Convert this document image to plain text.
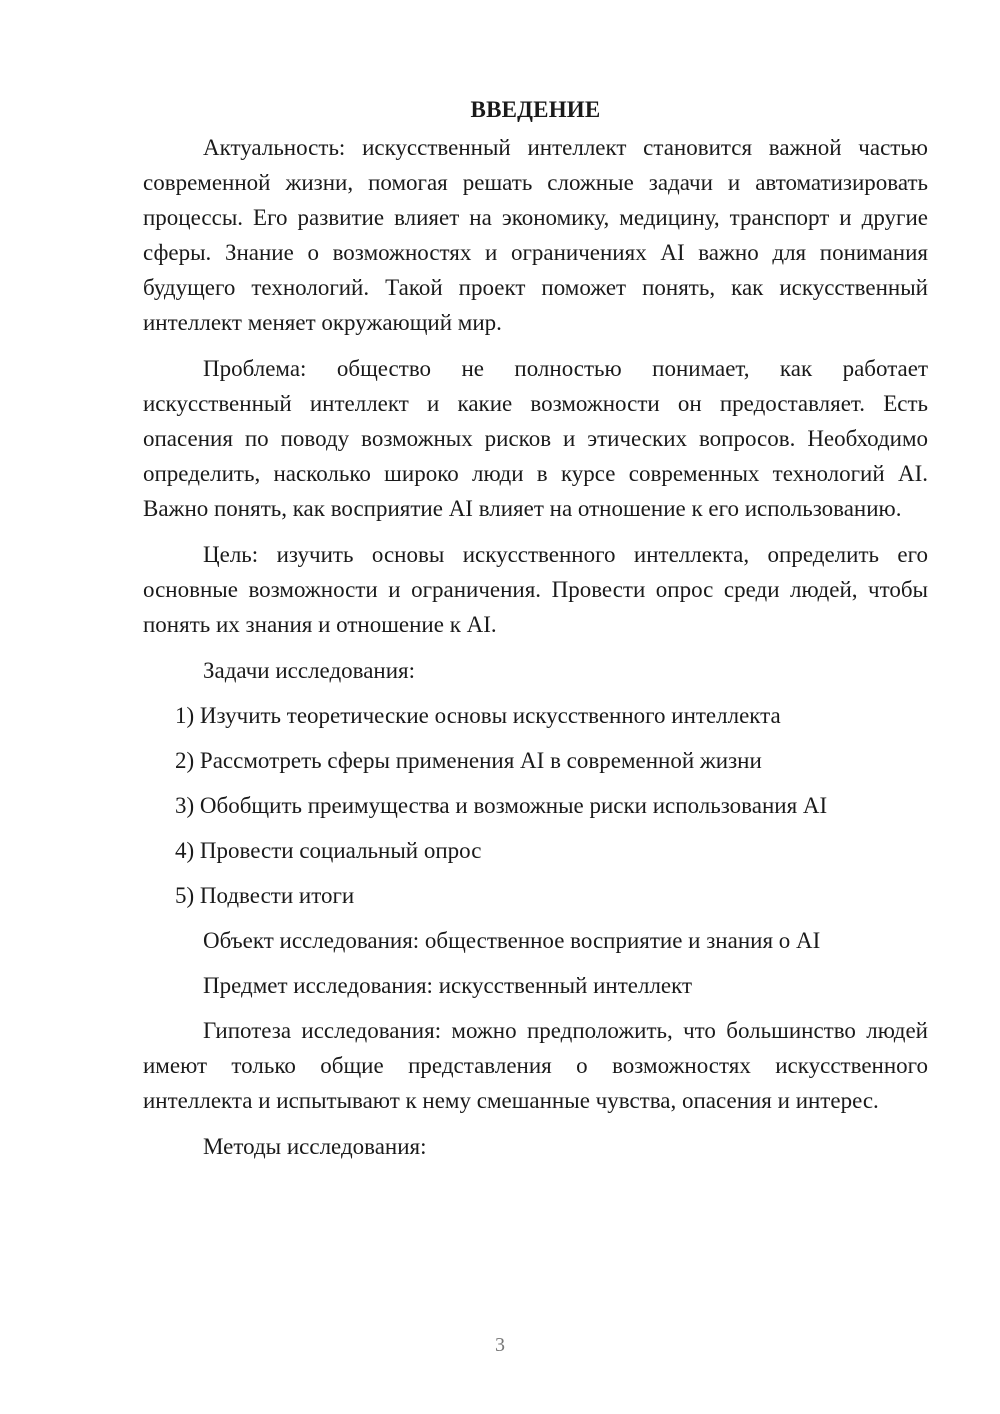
ВВЕДЕНИЕ

Актуальность: искусственный интеллект становится важной частью современной жизни, помогая решать сложные задачи и автоматизировать процессы. Его развитие влияет на экономику, медицину, транспорт и другие сферы. Знание о возможностях и ограничениях AI важно для понимания будущего технологий. Такой проект поможет понять, как искусственный интеллект меняет окружающий мир.

Проблема: общество не полностью понимает, как работает искусственный интеллект и какие возможности он предоставляет. Есть опасения по поводу возможных рисков и этических вопросов. Необходимо определить, насколько широко люди в курсе современных технологий AI. Важно понять, как восприятие AI влияет на отношение к его использованию.

Цель: изучить основы искусственного интеллекта, определить его основные возможности и ограничения. Провести опрос среди людей, чтобы понять их знания и отношение к AI.

Задачи исследования:
1) Изучить теоретические основы искусственного интеллекта
2) Рассмотреть сферы применения AI в современной жизни
3) Обобщить преимущества и возможные риски использования AI
4) Провести социальный опрос
5) Подвести итоги
Объект исследования: общественное восприятие и знания о AI
Предмет исследования: искусственный интеллект

Гипотеза исследования: можно предположить, что большинство людей имеют только общие представления о возможностях искусственного интеллекта и испытывают к нему смешанные чувства, опасения и интерес.

Методы исследования:
3
